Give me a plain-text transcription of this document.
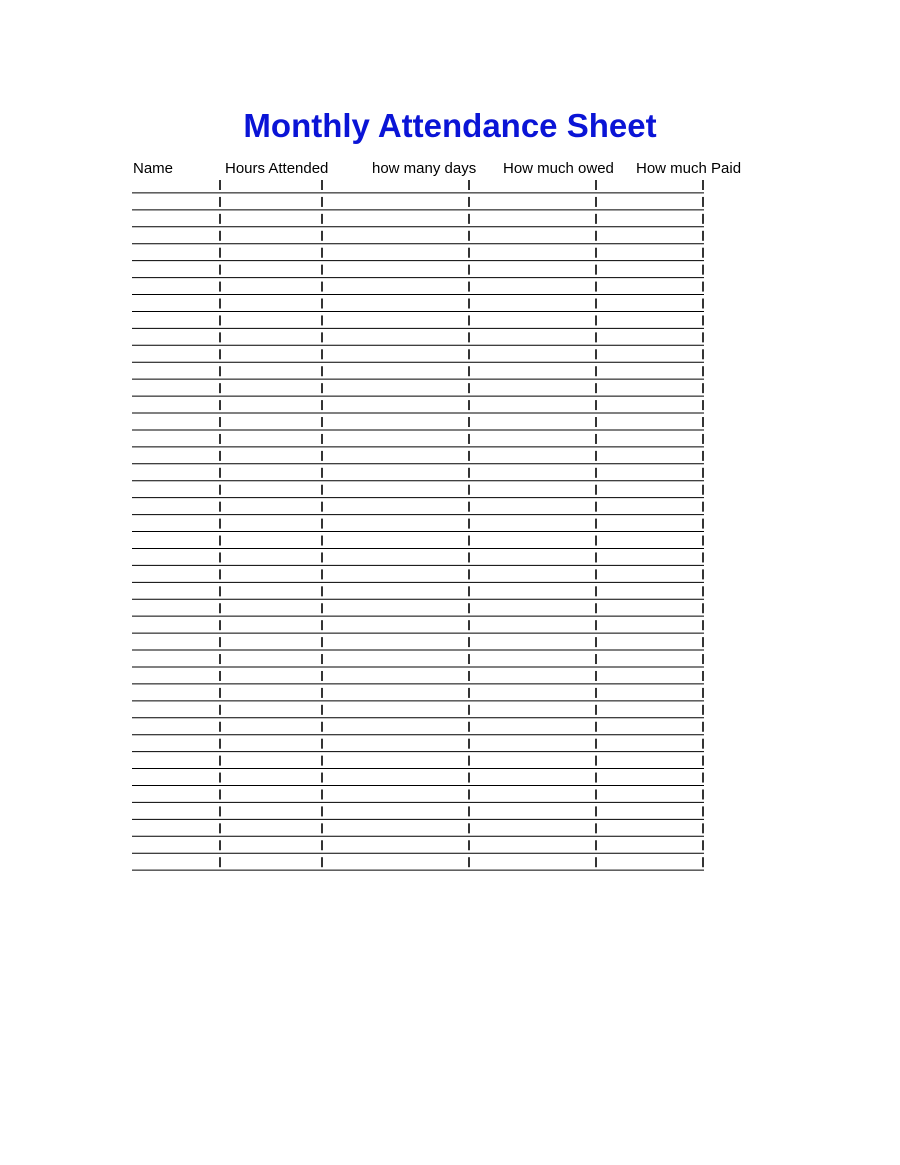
Monthly Attendance Sheet
Name	Hours Attended	how many days How much owed How much Paid
